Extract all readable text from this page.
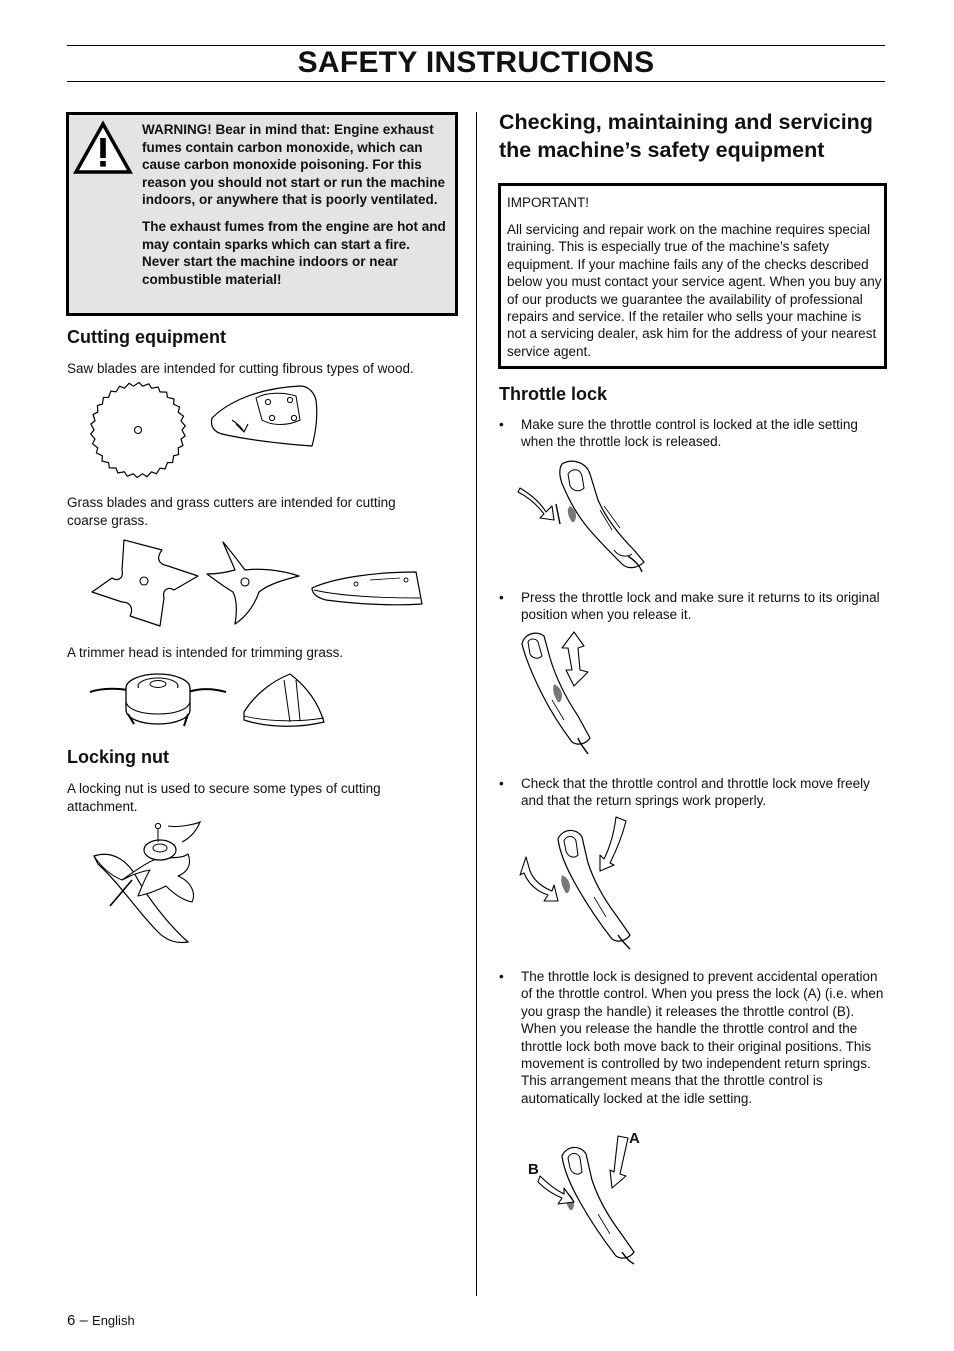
SAFETY INSTRUCTIONS

WARNING! Bear in mind that: Engine exhaust fumes contain carbon monoxide, which can cause carbon monoxide poisoning. For this reason you should not start or run the machine indoors, or anywhere that is poorly ventilated.

The exhaust fumes from the engine are hot and may contain sparks which can start a fire. Never start the machine indoors or near combustible material!

Cutting equipment
Saw blades are intended for cutting fibrous types of wood.
Grass blades and grass cutters are intended for cutting coarse grass.
A trimmer head is intended for trimming grass.
Locking nut
A locking nut is used to secure some types of cutting attachment.
Checking, maintaining and servicing the machine’s safety equipment
IMPORTANT!
All servicing and repair work on the machine requires special training. This is especially true of the machine’s safety equipment. If your machine fails any of the checks described below you must contact your service agent. When you buy any of our products we guarantee the availability of professional repairs and service. If the retailer who sells your machine is not a servicing dealer, ask him for the address of your nearest service agent.
Throttle lock
• Make sure the throttle control is locked at the idle setting when the throttle lock is released.
• Press the throttle lock and make sure it returns to its original position when you release it.
• Check that the throttle control and throttle lock move freely and that the return springs work properly.
• The throttle lock is designed to prevent accidental operation of the throttle control. When you press the lock (A) (i.e. when you grasp the handle) it releases the throttle control (B). When you release the handle the throttle control and the throttle lock both move back to their original positions. This movement is controlled by two independent return springs. This arrangement means that the throttle control is automatically locked at the idle setting.
A
B
6 – English
